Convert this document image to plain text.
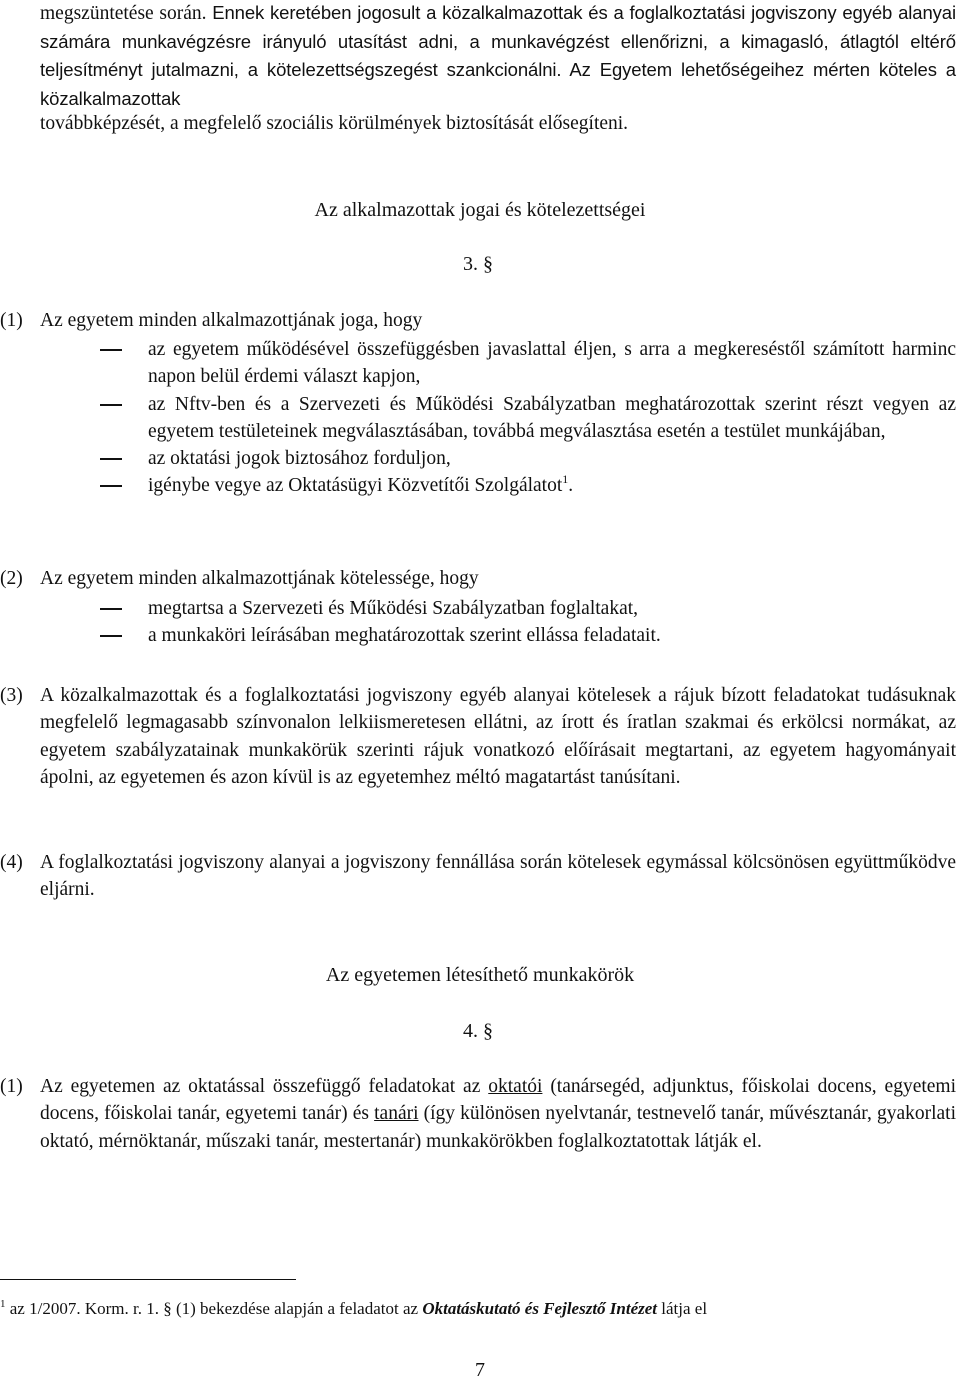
megszüntetése során. Ennek keretében jogosult a közalkalmazottak és a foglalkoztatási jogviszony egyéb alanyai számára munkavégzésre irányuló utasítást adni, a munkavégzést ellenőrizni, a kimagasló, átlagtól eltérő teljesítményt jutalmazni, a kötelezettségszegést szankcionálni. Az Egyetem lehetőségeihez mérten köteles a közalkalmazottak
továbbképzését, a megfelelő szociális körülmények biztosítását elősegíteni.
Az alkalmazottak jogai és kötelezettségei
3. §
(1) Az egyetem minden alkalmazottjának joga, hogy
az egyetem működésével összefüggésben javaslattal éljen, s arra a megkereséstől számított harminc napon belül érdemi választ kapjon,
az Nftv-ben és a Szervezeti és Működési Szabályzatban meghatározottak szerint részt vegyen az egyetem testületeinek megválasztásában, továbbá megválasztása esetén a testület munkájában,
az oktatási jogok biztosához forduljon,
igénybe vegye az Oktatásügyi Közvetítői Szolgálatot$^1$.
(2) Az egyetem minden alkalmazottjának kötelessége, hogy
megtartsa a Szervezeti és Működési Szabályzatban foglaltakat,
a munkaköri leírásában meghatározottak szerint ellássa feladatait.
(3) A közalkalmazottak és a foglalkoztatási jogviszony egyéb alanyai kötelesek a rájuk bízott feladatokat tudásuknak megfelelő legmagasabb színvonalon lelkiismeretesen ellátni, az írott és íratlan szakmai és erkölcsi normákat, az egyetem szabályzatainak munkakörük szerinti rájuk vonatkozó előírásait megtartani, az egyetem hagyományait ápolni, az egyetemen és azon kívül is az egyetemhez méltó magatartást tanúsítani.
(4) A foglalkoztatási jogviszony alanyai a jogviszony fennállása során kötelesek egymással kölcsönösen együttműködve eljárni.
Az egyetemen létesíthető munkakörök
4. §
(1) Az egyetemen az oktatással összefüggő feladatokat az oktatói (tanársegéd, adjunktus, főiskolai docens, egyetemi docens, főiskolai tanár, egyetemi tanár) és tanári (így különösen nyelvtanár, testnevelő tanár, művésztanár, gyakorlati oktató, mérnöktanár, műszaki tanár, mestertanár) munkakörökben foglalkoztatottak látják el.
$^1$ az 1/2007. Korm. r. 1. § (1) bekezdése alapján a feladatot az Oktatáskutató és Fejlesztő Intézet látja el
7
